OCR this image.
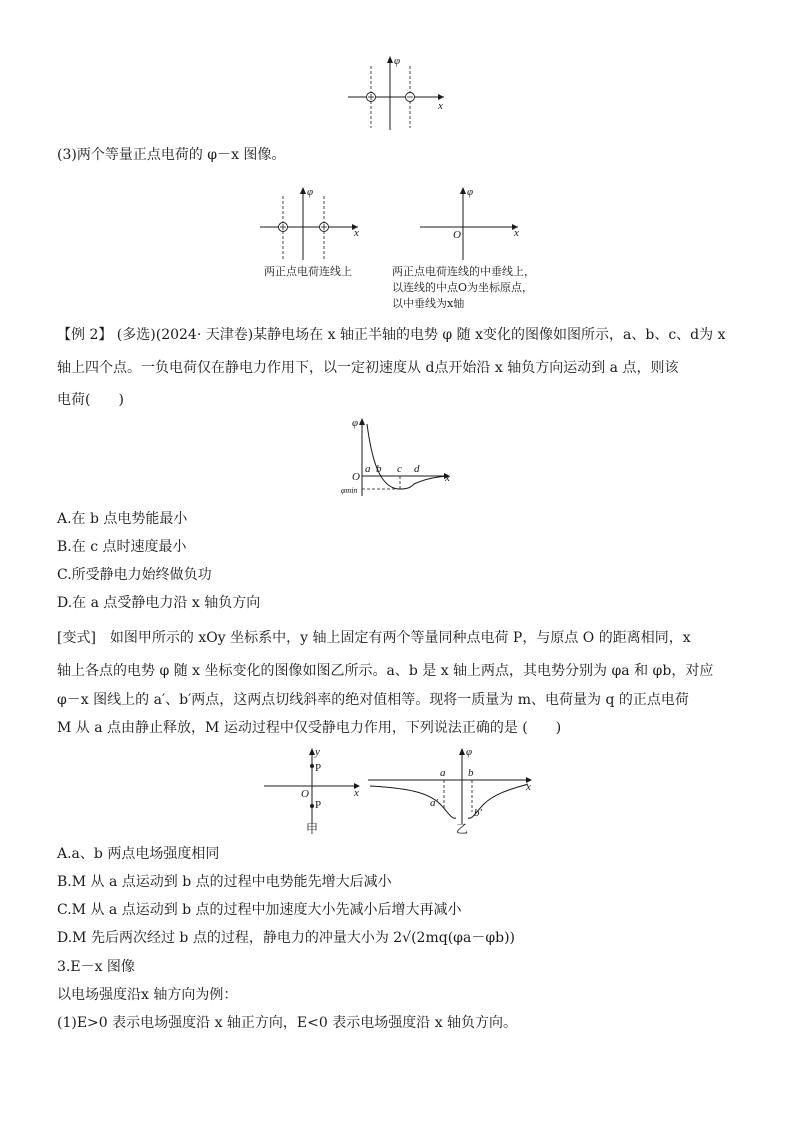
φ
x
(3)两个等量正点电荷的 φ－x 图像。
φ
x
两正点电荷连线上
φ
x
O
两正点电荷连线的中垂线上，
以连线的中点O为坐标原点，
以中垂线为x轴
【例 2】 (多选)(2024· 天津卷)某静电场在 x 轴正半轴的电势 φ 随 x变化的图像如图所示，a、b、c、d为 x
轴上四个点。一负电荷仅在静电力作用下，以一定初速度从 d点开始沿 x 轴负方向运动到 a 点，则该
电荷(　　)
φ
x
O
a b c d
φmin
A.在 b 点电势能最小
B.在 c 点时速度最小
C.所受静电力始终做负功
D.在 a 点受静电力沿 x 轴负方向
[变式]　如图甲所示的 xOy 坐标系中，y 轴上固定有两个等量同种点电荷 P，与原点 O 的距离相同，x
轴上各点的电势 φ 随 x 坐标变化的图像如图乙所示。a、b 是 x 轴上两点，其电势分别为 φa 和 φb，对应
φ－x 图线上的 a′、b′两点，这两点切线斜率的绝对值相等。现将一质量为 m、电荷量为 q 的正点电荷
M 从 a 点由静止释放，M 运动过程中仅受静电力作用，下列说法正确的是 (　　)
y
x
O
P
P
甲
φ
a b
a′
b′
x
乙
A.a、b 两点电场强度相同
B.M 从 a 点运动到 b 点的过程中电势能先增大后减小
C.M 从 a 点运动到 b 点的过程中加速度大小先减小后增大再减小
D.M 先后两次经过 b 点的过程，静电力的冲量大小为 2√(2mq(φa－φb))
3.E－x 图像
以电场强度沿x 轴方向为例：
(1)E>0 表示电场强度沿 x 轴正方向，E<0 表示电场强度沿 x 轴负方向。
